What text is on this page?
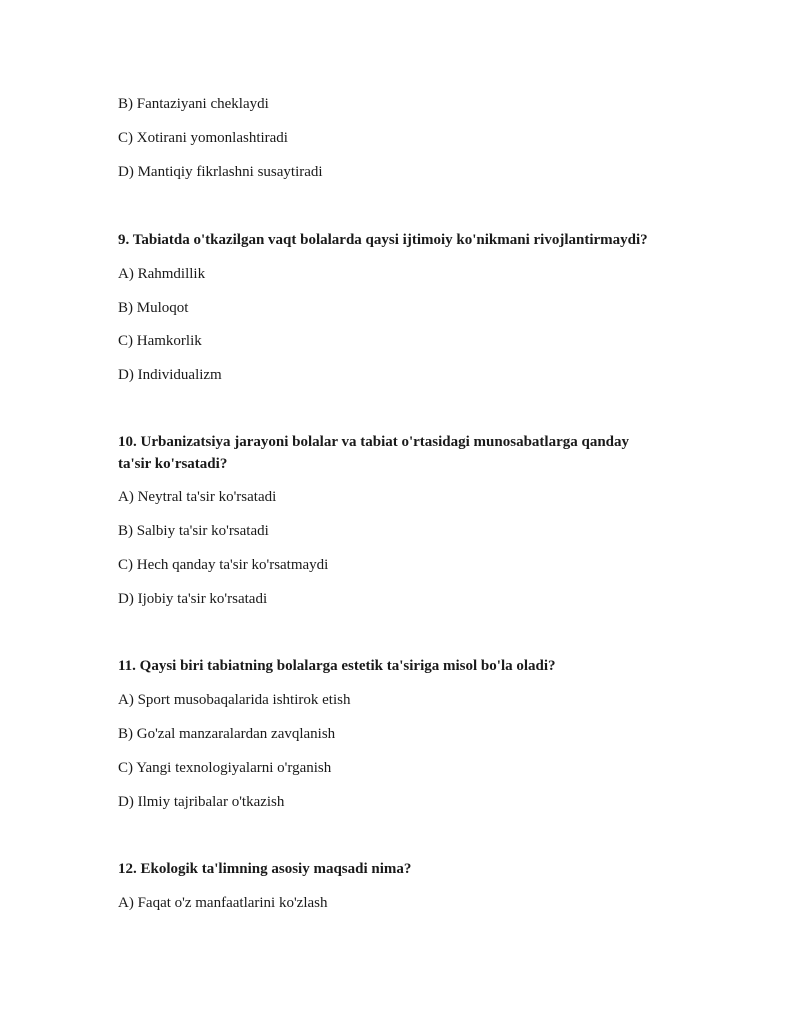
B) Fantaziyani cheklaydi
C) Xotirani yomonlashtiradi
D) Mantiqiy fikrlashni susaytiradi
9. Tabiatda o'tkazilgan vaqt bolalarda qaysi ijtimoiy ko'nikmani rivojlantirmaydi?
A) Rahmdillik
B) Muloqot
C) Hamkorlik
D) Individualizm
10. Urbanizatsiya jarayoni bolalar va tabiat o'rtasidagi munosabatlarga qanday
ta'sir ko'rsatadi?
A) Neytral ta'sir ko'rsatadi
B) Salbiy ta'sir ko'rsatadi
C) Hech qanday ta'sir ko'rsatmaydi
D) Ijobiy ta'sir ko'rsatadi
11. Qaysi biri tabiatning bolalarga estetik ta'siriga misol bo'la oladi?
A) Sport musobaqalarida ishtirok etish
B) Go'zal manzaralardan zavqlanish
C) Yangi texnologiyalarni o'rganish
D) Ilmiy tajribalar o'tkazish
12. Ekologik ta'limning asosiy maqsadi nima?
A) Faqat o'z manfaatlarini ko'zlash
